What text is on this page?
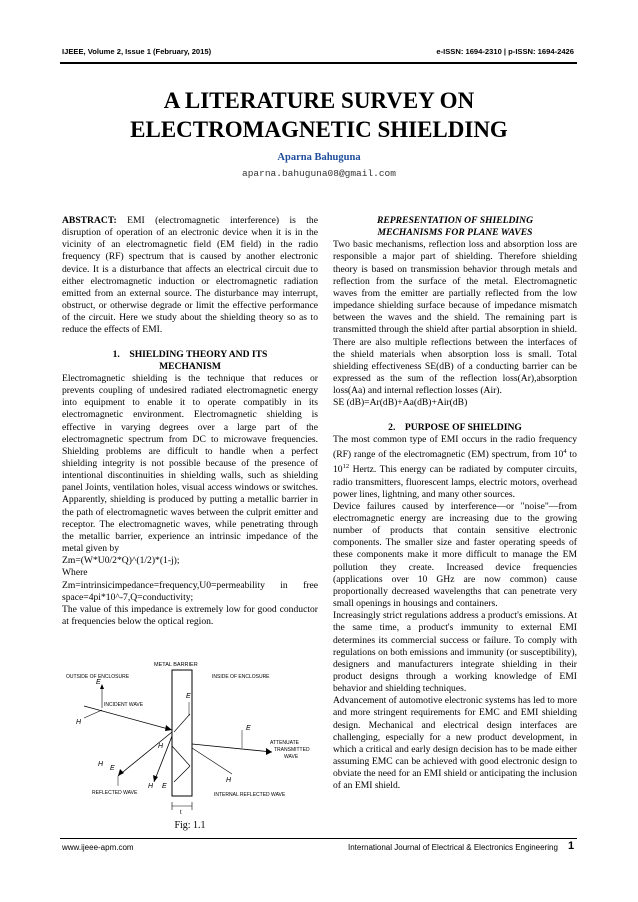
IJEEE, Volume 2, Issue 1 (February, 2015)	e-ISSN: 1694-2310 | p-ISSN: 1694-2426
A LITERATURE SURVEY ON
ELECTROMAGNETIC SHIELDING
Aparna Bahuguna
aparna.bahuguna08@gmail.com

ABSTRACT: EMI (electromagnetic interference) is the disruption of operation of an electronic device when it is in the vicinity of an electromagnetic field (EM field) in the radio frequency (RF) spectrum that is caused by another electronic device. It is a disturbance that affects an electrical circuit due to either electromagnetic induction or electromagnetic radiation emitted from an external source. The disturbance may interrupt, obstruct, or otherwise degrade or limit the effective performance of the circuit. Here we study about the shielding theory so as to reduce the effects of EMI.

1.    SHIELDING THEORY AND ITS
MECHANISM

Electromagnetic shielding is the technique that reduces or prevents coupling of undesired radiated electromagnetic energy into equipment to enable it to operate compatibly in its electromagnetic environment. Electromagnetic shielding is effective in varying degrees over a large part of the electromagnetic spectrum from DC to microwave frequencies. Shielding problems are difficult to handle when a perfect shielding integrity is not possible because of the presence of intentional discontinuities in shielding walls, such as shielding panel Joints, ventilation holes, visual access windows or switches. Apparently, shielding is produced by putting a metallic barrier in the path of electromagnetic waves between the culprit emitter and receptor. The electromagnetic waves, while penetrating through the metallic barrier, experience an intrinsic impedance of the metal given by

Zm=(W*U0/2*Q)^(1/2)*(1-j);

Where

Zm=intrinsicimpedance=frequency,U0=permeability in free space=4pi*10^-7,Q=conductivity;

The value of this impedance is extremely low for good conductor at frequencies below the optical region.

METAL BARRIER
OUTSIDE OF ENCLOSURE	INSIDE OF ENCLOSURE
INCIDENT WAVE
E
H
REFLECTED WAVE
H
E
E
H
H E
H
INTERNAL REFLECTED WAVE
E
ATTENUATE
TRANSMITTED
WAVE
t
Fig: 1.1
REPRESENTATION OF SHIELDING
MECHANISMS FOR PLANE WAVES

Two basic mechanisms, reflection loss and absorption loss are responsible a major part of shielding. Therefore shielding theory is based on transmission behavior through metals and reflection from the surface of the metal. Electromagnetic waves from the emitter are partially reflected from the low impedance shielding surface because of impedance mismatch between the waves and the shield. The remaining part is transmitted through the shield after partial absorption in shield. There are also multiple reflections between the interfaces of the shield materials when absorption loss is small. Total shielding effectiveness SE(dB) of a conducting barrier can be expressed as the sum of the reflection loss(Ar),absorption loss(Aa) and internal reflection losses (Air).

SE (dB)=Ar(dB)+Aa(dB)+Air(dB)

2.    PURPOSE OF SHIELDING

The most common type of EMI occurs in the radio frequency (RF) range of the electromagnetic (EM) spectrum, from $10^4$ to $10^{12}$ Hertz. This energy can be radiated by computer circuits, radio transmitters, fluorescent lamps, electric motors, overhead power lines, lightning, and many other sources.

Device failures caused by interference—or "noise"—from electromagnetic energy are increasing due to the growing number of products that contain sensitive electronic components. The smaller size and faster operating speeds of these components make it more difficult to manage the EM pollution they create. Increased device frequencies (applications over 10 GHz are now common) cause proportionally decreased wavelengths that can penetrate very small openings in housings and containers.

Increasingly strict regulations address a product's emissions. At the same time, a product's immunity to external EMI determines its commercial success or failure. To comply with regulations on both emissions and immunity (or susceptibility), designers and manufacturers integrate shielding in their product designs through a working knowledge of EMI behavior and shielding techniques.

Advancement of automotive electronic systems has led to more and more stringent requirements for EMC and EMI shielding design. Mechanical and electrical design interfaces are challenging, especially for a new product development, in which a critical and early design decision has to be made either assuming EMC can be achieved with good electronic design to obviate the need for an EMI shield or anticipating the inclusion of an EMI shield.

www.ijeee-apm.com	International Journal of Electrical & Electronics Engineering 1
